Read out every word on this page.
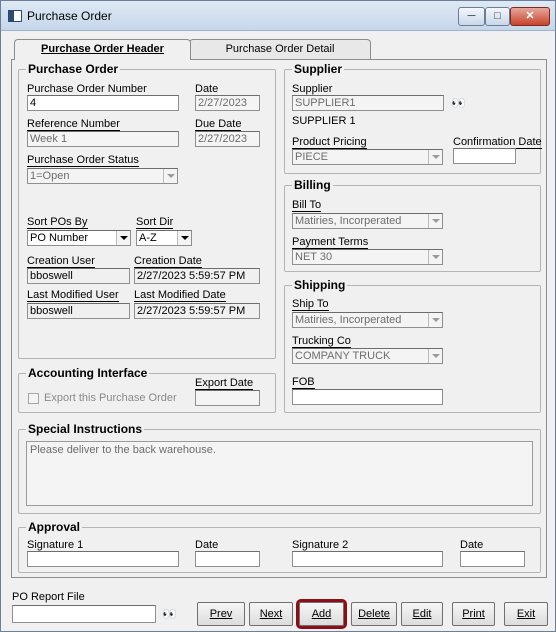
Purchase Order	─	□	✕
Purchase Order Header	Purchase Order Detail
Purchase Order
Purchase Order Number
4
Date
2/27/2023
Reference Number
Week 1
Due Date
2/27/2023
Purchase Order Status
1=Open
Sort POs By
PO Number
Sort Dir
A-Z
Creation User
bboswell
Creation Date
2/27/2023 5:59:57 PM
Last Modified User
bboswell
Last Modified Date
2/27/2023 5:59:57 PM
Accounting Interface
Export this Purchase Order
Export Date
Supplier
Supplier
SUPPLIER1	👀
SUPPLIER 1
Product Pricing
PIECE
Confirmation Date
Billing
Bill To
Matiries, Incorperated
Payment Terms
NET 30
Shipping
Ship To
Matiries, Incorperated
Trucking Co
COMPANY TRUCK
FOB
Special Instructions
Please deliver to the back warehouse.
Approval
Signature 1	Date	Signature 2	Date
PO Report File
👀	Prev	Next	Add	Delete	Edit	Print	Exit
